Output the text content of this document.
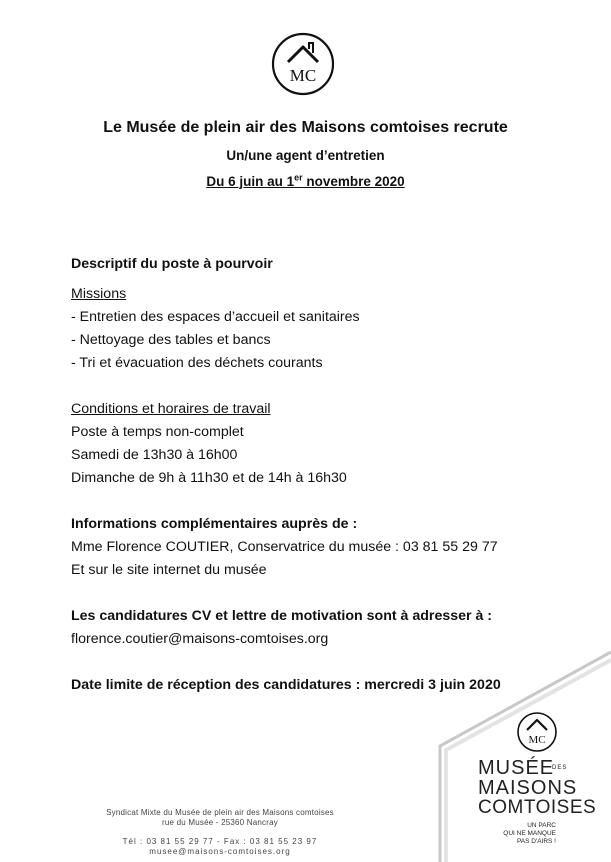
MC
Le Musée de plein air des Maisons comtoises recrute
Un/une agent d’entretien
Du 6 juin au 1er novembre 2020
Descriptif du poste à pourvoir
Missions
- Entretien des espaces d’accueil et sanitaires
- Nettoyage des tables et bancs
- Tri et évacuation des déchets courants
Conditions et horaires de travail
Poste à temps non-complet
Samedi de 13h30 à 16h00
Dimanche de 9h à 11h30 et de 14h à 16h30
Informations complémentaires auprès de :
Mme Florence COUTIER, Conservatrice du musée : 03 81 55 29 77
Et sur le site internet du musée
Les candidatures CV et lettre de motivation sont à adresser à :
florence.coutier@maisons-comtoises.org
Date limite de réception des candidatures : mercredi 3 juin 2020
MC
MUSÉE
DES
MAISONS
COMTOISES
UN PARC
QUI NE MANQUE
PAS D'AIRS !
Syndicat Mixte du Musée de plein air des Maisons comtoises
rue du Musée - 25360 Nancray
Tél : 03 81 55 29 77 - Fax : 03 81 55 23 97
musee@maisons-comtoises.org
